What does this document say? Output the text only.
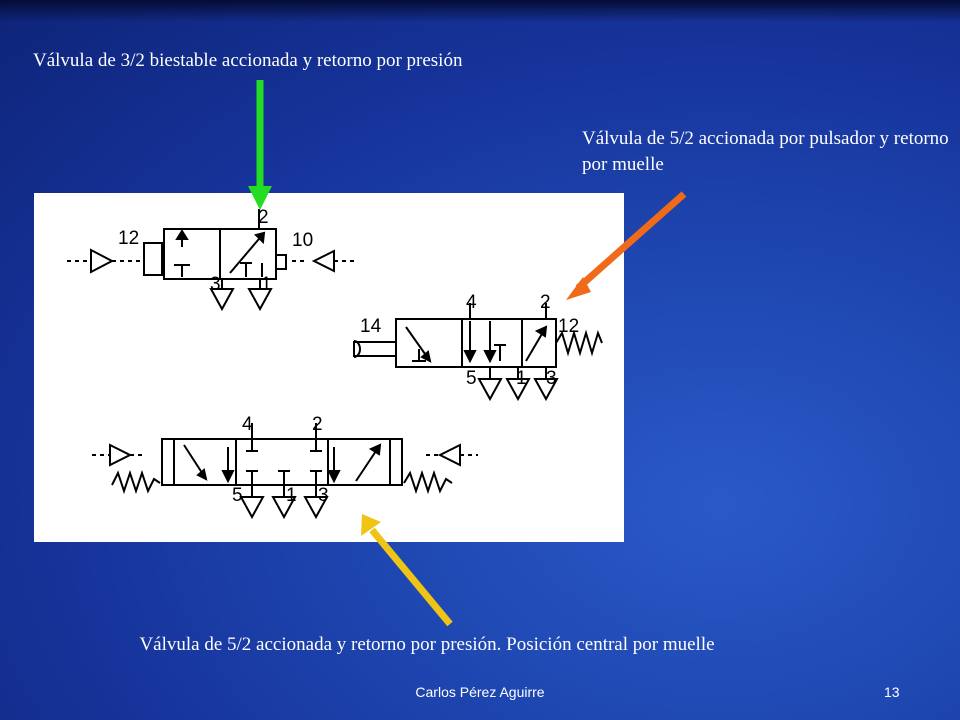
Válvula de 3/2 biestable accionada y retorno por presión

Válvula de 5/2 accionada por pulsador y retorno por muelle

Válvula de 5/2 accionada y retorno por presión. Posición central por muelle

12	10
2
3 1
14	12
4	2
5 1 3
4	2
5 1 3
Carlos Pérez Aguirre	13
